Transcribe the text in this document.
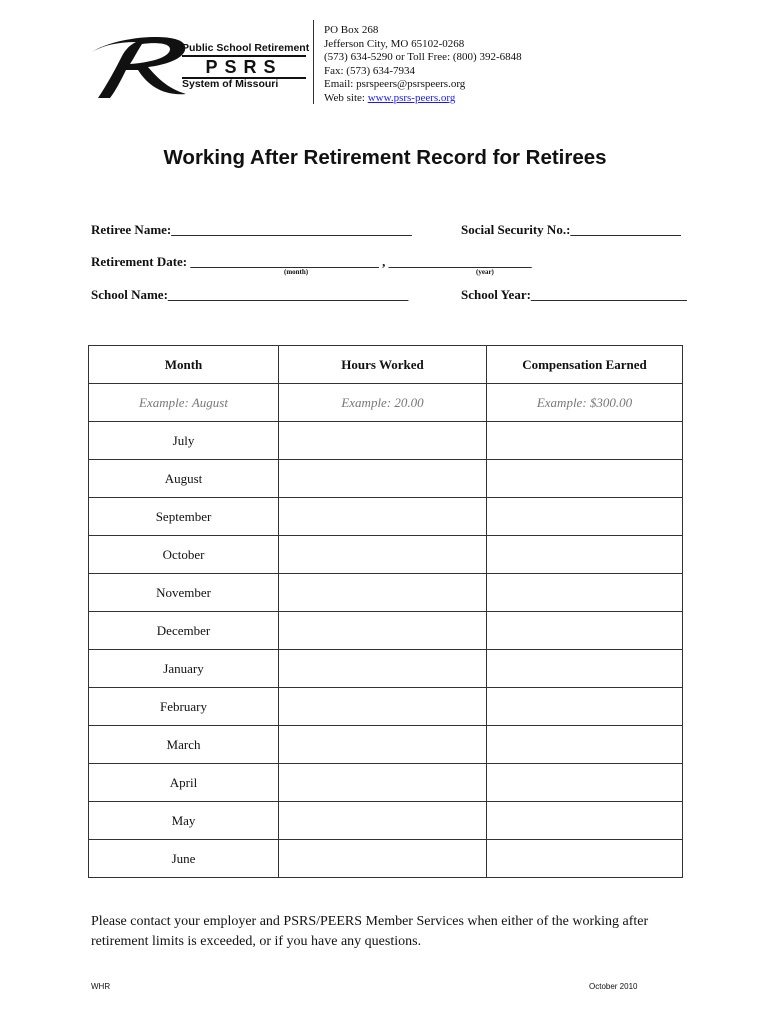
Public School Retirement
PSRS
System of Missouri
PO Box 268
Jefferson City, MO 65102-0268
(573) 634-5290 or Toll Free: (800) 392-6848
Fax: (573) 634-7934
Email: psrspeers@psrspeers.org
Web site: www.psrs-peers.org
Working After Retirement Record for Retirees
Retiree Name:_____________________________________	Social Security No.:_________________
Retirement Date: _____________________________ , ______________________
(month)	(year)
School Name:_____________________________________	School Year:________________________
Month	Hours Worked	Compensation Earned
Example: August	Example: 20.00	Example: $300.00
July		
August		
September		
October		
November		
December		
January		
February		
March		
April		
May		
June		
Please contact your employer and PSRS/PEERS Member Services when either of the working after retirement limits is exceeded, or if you have any questions.
WHR	October 2010
